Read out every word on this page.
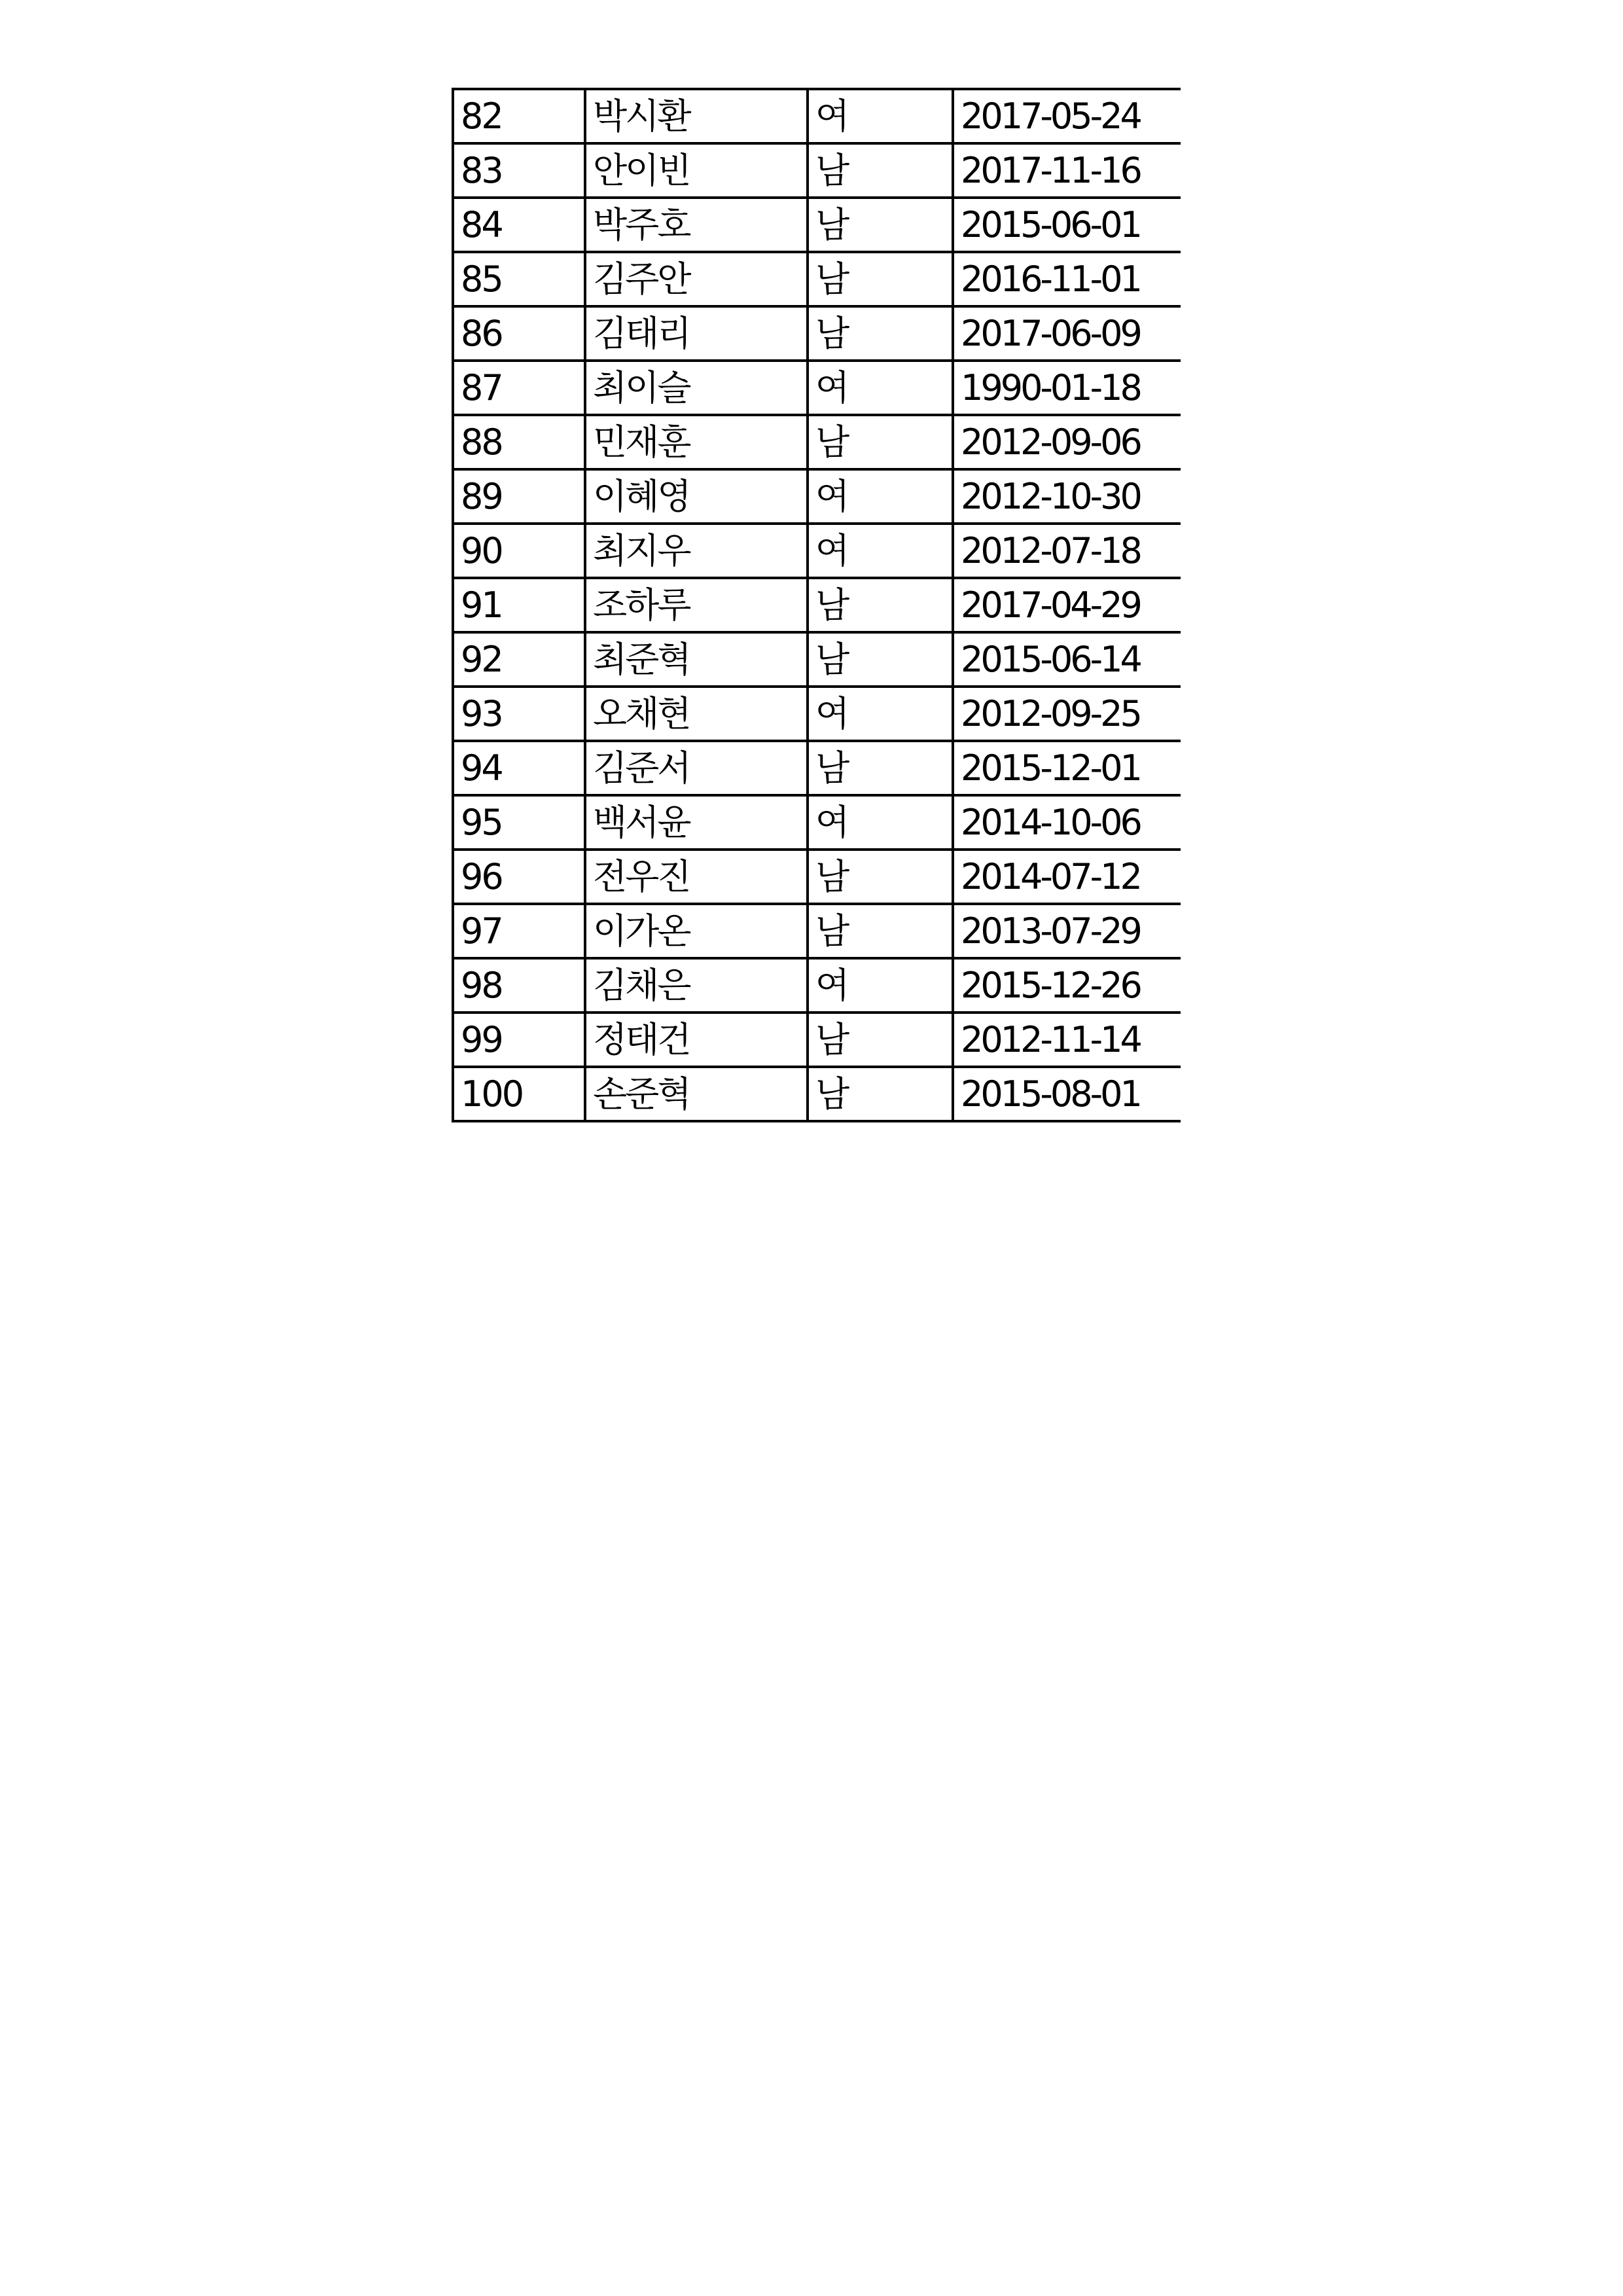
82	박시환	여	2017-05-24
83	안이빈	남	2017-11-16
84	박주호	남	2015-06-01
85	김주안	남	2016-11-01
86	김태리	남	2017-06-09
87	최이슬	여	1990-01-18
88	민재훈	남	2012-09-06
89	이혜영	여	2012-10-30
90	최지우	여	2012-07-18
91	조하루	남	2017-04-29
92	최준혁	남	2015-06-14
93	오채현	여	2012-09-25
94	김준서	남	2015-12-01
95	백서윤	여	2014-10-06
96	전우진	남	2014-07-12
97	이가온	남	2013-07-29
98	김채은	여	2015-12-26
99	정태건	남	2012-11-14
100	손준혁	남	2015-08-01
